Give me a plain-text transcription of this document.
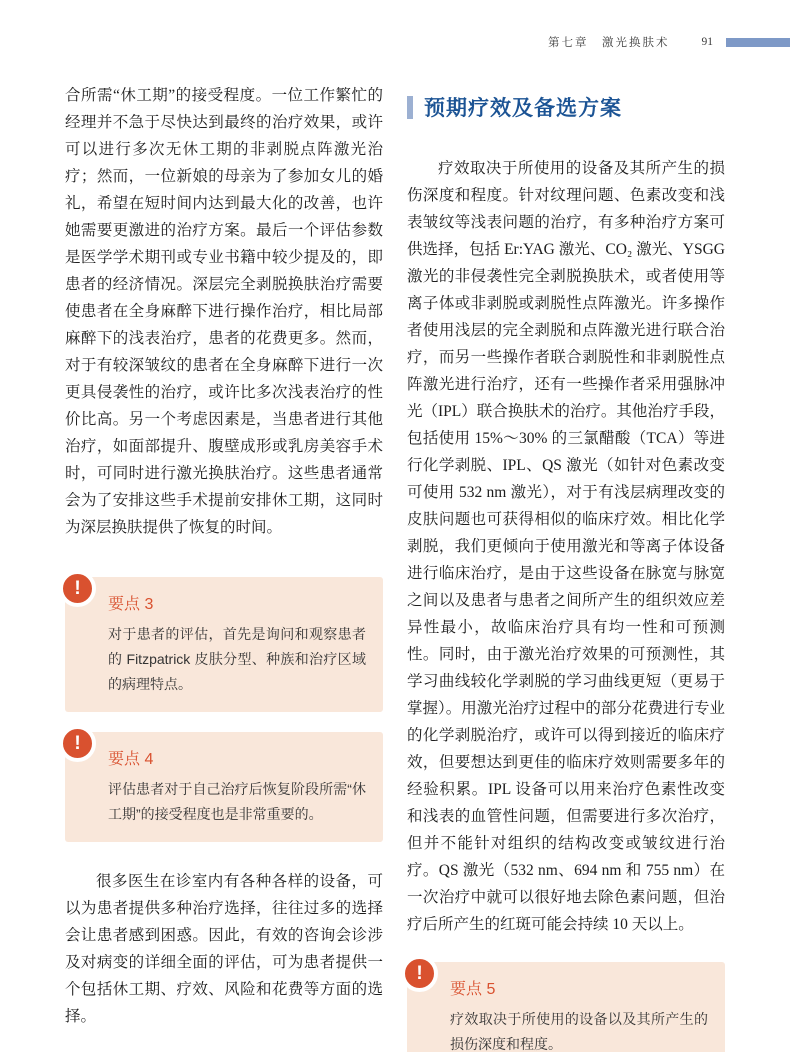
第七章　激光换肤术	91

合所需“休工期”的接受程度。一位工作繁忙的经理并不急于尽快达到最终的治疗效果，或许可以进行多次无休工期的非剥脱点阵激光治疗；然而，一位新娘的母亲为了参加女儿的婚礼，希望在短时间内达到最大化的改善，也许她需要更激进的治疗方案。最后一个评估参数是医学学术期刊或专业书籍中较少提及的，即患者的经济情况。深层完全剥脱换肤治疗需要使患者在全身麻醉下进行操作治疗，相比局部麻醉下的浅表治疗，患者的花费更多。然而，对于有较深皱纹的患者在全身麻醉下进行一次更具侵袭性的治疗，或许比多次浅表治疗的性价比高。另一个考虑因素是，当患者进行其他治疗，如面部提升、腹壁成形或乳房美容手术时，可同时进行激光换肤治疗。这些患者通常会为了安排这些手术提前安排休工期，这同时为深层换肤提供了恢复的时间。

!
要点 3
对于患者的评估，首先是询问和观察患者的 Fitzpatrick 皮肤分型、种族和治疗区域的病理特点。
!
要点 4
评估患者对于自己治疗后恢复阶段所需“休工期”的接受程度也是非常重要的。

很多医生在诊室内有各种各样的设备，可以为患者提供多种治疗选择，往往过多的选择会让患者感到困惑。因此，有效的咨询会诊涉及对病变的详细全面的评估，可为患者提供一个包括休工期、疗效、风险和花费等方面的选择。

预期疗效及备选方案

疗效取决于所使用的设备及其所产生的损伤深度和程度。针对纹理问题、色素改变和浅表皱纹等浅表问题的治疗，有多种治疗方案可供选择，包括 Er:YAG 激光、CO₂ 激光、YSGG 激光的非侵袭性完全剥脱换肤术，或者使用等离子体或非剥脱或剥脱性点阵激光。许多操作者使用浅层的完全剥脱和点阵激光进行联合治疗，而另一些操作者联合剥脱性和非剥脱性点阵激光进行治疗，还有一些操作者采用强脉冲光（IPL）联合换肤术的治疗。其他治疗手段，包括使用 15%～30% 的三氯醋酸（TCA）等进行化学剥脱、IPL、QS 激光（如针对色素改变可使用 532 nm 激光），对于有浅层病理改变的皮肤问题也可获得相似的临床疗效。相比化学剥脱，我们更倾向于使用激光和等离子体设备进行临床治疗，是由于这些设备在脉宽与脉宽之间以及患者与患者之间所产生的组织效应差异性最小，故临床治疗具有均一性和可预测性。同时，由于激光治疗效果的可预测性，其学习曲线较化学剥脱的学习曲线更短（更易于掌握）。用激光治疗过程中的部分花费进行专业的化学剥脱治疗，或许可以得到接近的临床疗效，但要想达到更佳的临床疗效则需要多年的经验积累。IPL 设备可以用来治疗色素性改变和浅表的血管性问题，但需要进行多次治疗，但并不能针对组织的结构改变或皱纹进行治疗。QS 激光（532 nm、694 nm 和 755 nm）在一次治疗中就可以很好地去除色素问题，但治疗后所产生的红斑可能会持续 10 天以上。

!
要点 5
疗效取决于所使用的设备以及其所产生的损伤深度和程度。
